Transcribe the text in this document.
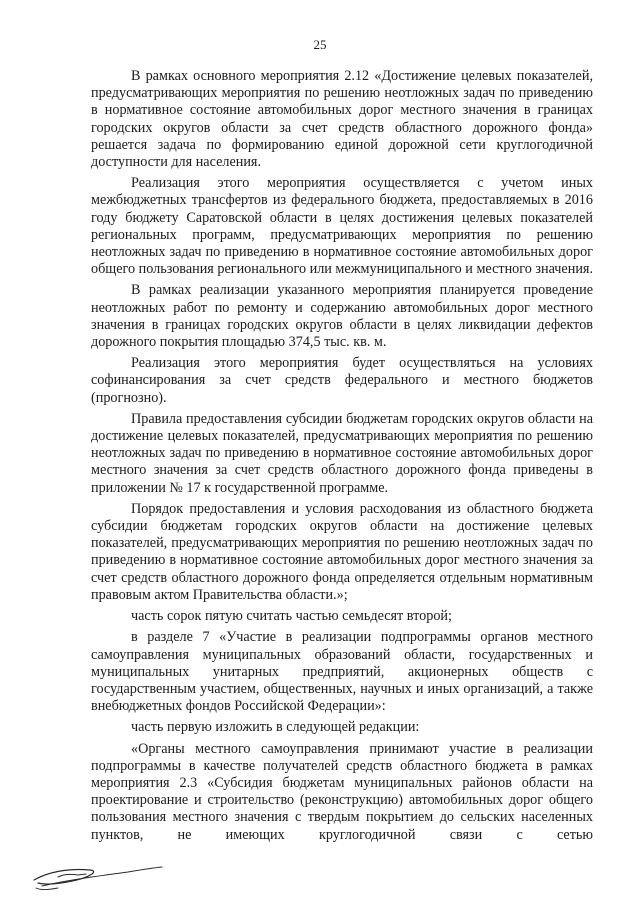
25

В рамках основного мероприятия 2.12 «Достижение целевых показателей, предусматривающих мероприятия по решению неотложных задач по приведению в нормативное состояние автомобильных дорог местного значения в границах городских округов области за счет средств областного дорожного фонда» решается задача по формированию единой дорожной сети круглогодичной доступности для населения.

Реализация этого мероприятия осуществляется с учетом иных межбюджетных трансфертов из федерального бюджета, предоставляемых в 2016 году бюджету Саратовской области в целях достижения целевых показателей региональных программ, предусматривающих мероприятия по решению неотложных задач по приведению в нормативное состояние автомобильных дорог общего пользования регионального или межмуниципального и местного значения.

В рамках реализации указанного мероприятия планируется проведение неотложных работ по ремонту и содержанию автомобильных дорог местного значения в границах городских округов области в целях ликвидации дефектов дорожного покрытия площадью 374,5 тыс. кв. м.

Реализация этого мероприятия будет осуществляться на условиях софинансирования за счет средств федерального и местного бюджетов (прогнозно).

Правила предоставления субсидии бюджетам городских округов области на достижение целевых показателей, предусматривающих мероприятия по решению неотложных задач по приведению в нормативное состояние автомобильных дорог местного значения за счет средств областного дорожного фонда приведены в приложении № 17 к государственной программе.

Порядок предоставления и условия расходования из областного бюджета субсидии бюджетам городских округов области на достижение целевых показателей, предусматривающих мероприятия по решению неотложных задач по приведению в нормативное состояние автомобильных дорог местного значения за счет средств областного дорожного фонда определяется отдельным нормативным правовым актом Правительства области.»;

часть сорок пятую считать частью семьдесят второй;

в разделе 7 «Участие в реализации подпрограммы органов местного самоуправления муниципальных образований области, государственных и муниципальных унитарных предприятий, акционерных обществ с государственным участием, общественных, научных и иных организаций, а также внебюджетных фондов Российской Федерации»:

часть первую изложить в следующей редакции:

«Органы местного самоуправления принимают участие в реализации подпрограммы в качестве получателей средств областного бюджета в рамках мероприятия 2.3 «Субсидия бюджетам муниципальных районов области на проектирование и строительство (реконструкцию) автомобильных дорог общего пользования местного значения с твердым покрытием до сельских населенных пунктов, не имеющих круглогодичной связи с сетью
